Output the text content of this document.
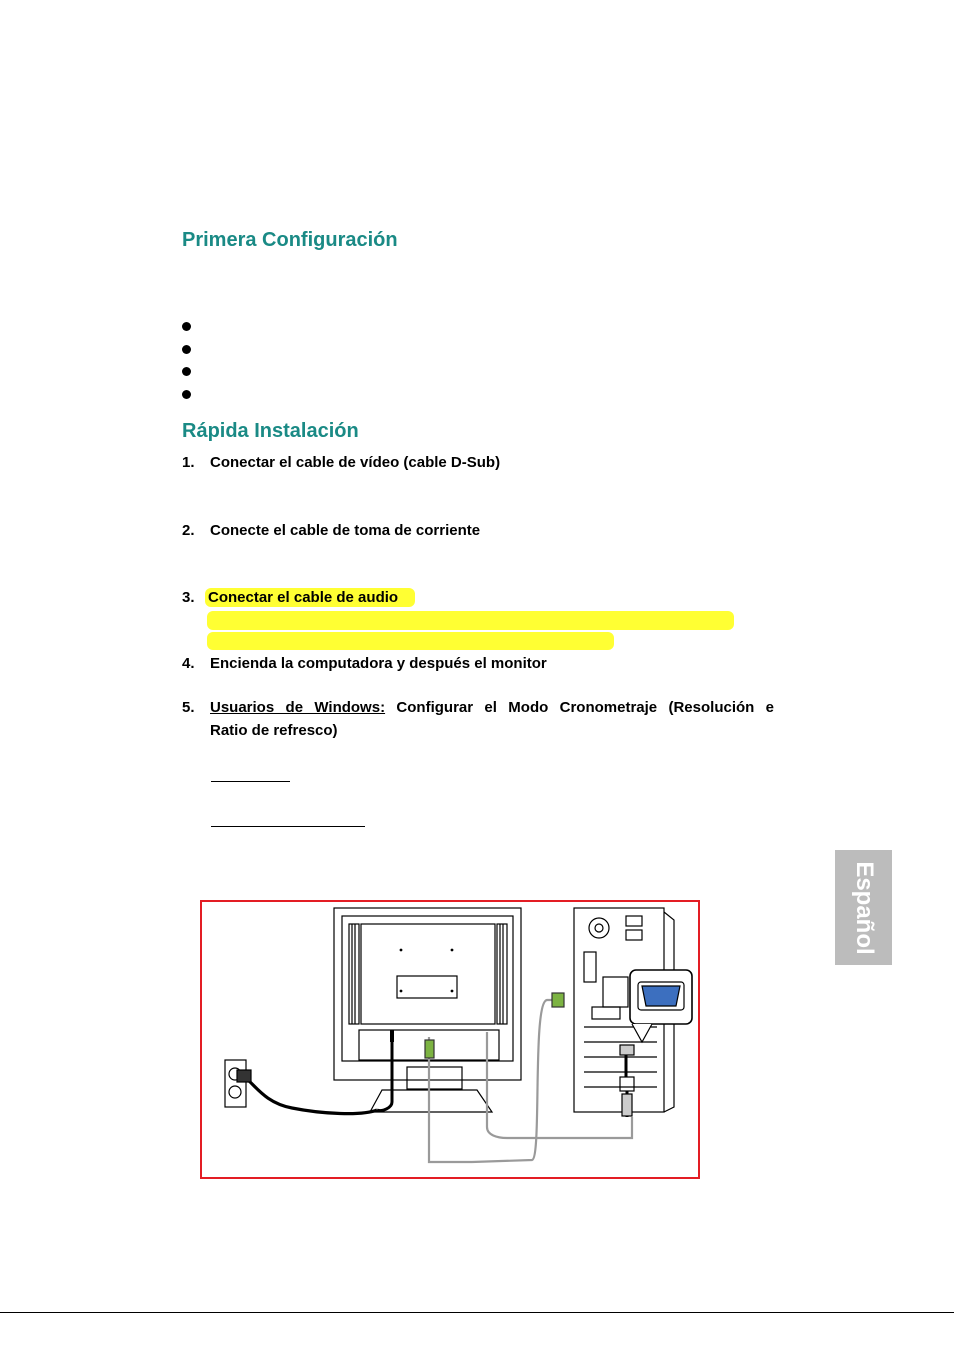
Primera Configuración
Rápida Instalación
1. Conectar el cable de vídeo (cable D-Sub)
2. Conecte el cable de toma de corriente
3. Conectar el cable de audio
4. Encienda la computadora y después el monitor
5.	Usuarios de Windows: Configurar el Modo Cronometraje (Resolución e
Ratio de refresco)
Español
